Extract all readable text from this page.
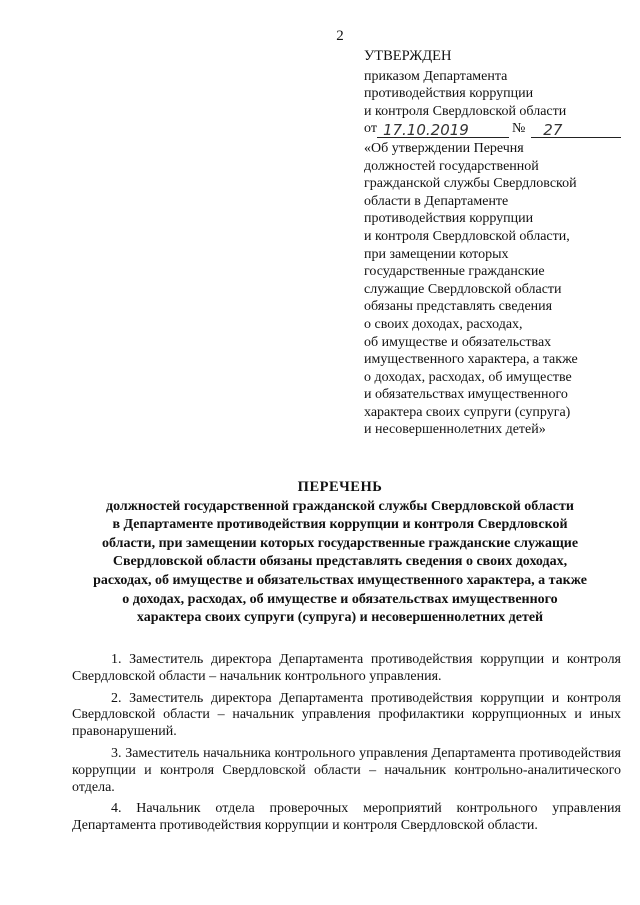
2
УТВЕРЖДЕН
приказом Департамента
противодействия коррупции
и контроля Свердловской области
от 17.10.2019	№	27
«Об утверждении Перечня
должностей государственной
гражданской службы Свердловской
области в Департаменте
противодействия коррупции
и контроля Свердловской области,
при замещении которых
государственные гражданские
служащие Свердловской области
обязаны представлять сведения
о своих доходах, расходах,
об имуществе и обязательствах
имущественного характера, а также
о доходах, расходах, об имуществе
и обязательствах имущественного
характера своих супруги (супруга)
и несовершеннолетних детей»
ПЕРЕЧЕНЬ
должностей государственной гражданской службы Свердловской области
в Департаменте противодействия коррупции и контроля Свердловской
области, при замещении которых государственные гражданские служащие
Свердловской области обязаны представлять сведения о своих доходах,
расходах, об имуществе и обязательствах имущественного характера, а также
о доходах, расходах, об имуществе и обязательствах имущественного
характера своих супруги (супруга) и несовершеннолетних детей

1. Заместитель директора Департамента противодействия коррупции и контроля Свердловской области – начальник контрольного управления.

2. Заместитель директора Департамента противодействия коррупции и контроля Свердловской области – начальник управления профилактики коррупционных и иных правонарушений.

3. Заместитель начальника контрольного управления Департамента противодействия коррупции и контроля Свердловской области – начальник контрольно-аналитического отдела.

4. Начальник отдела проверочных мероприятий контрольного управления Департамента противодействия коррупции и контроля Свердловской области.
